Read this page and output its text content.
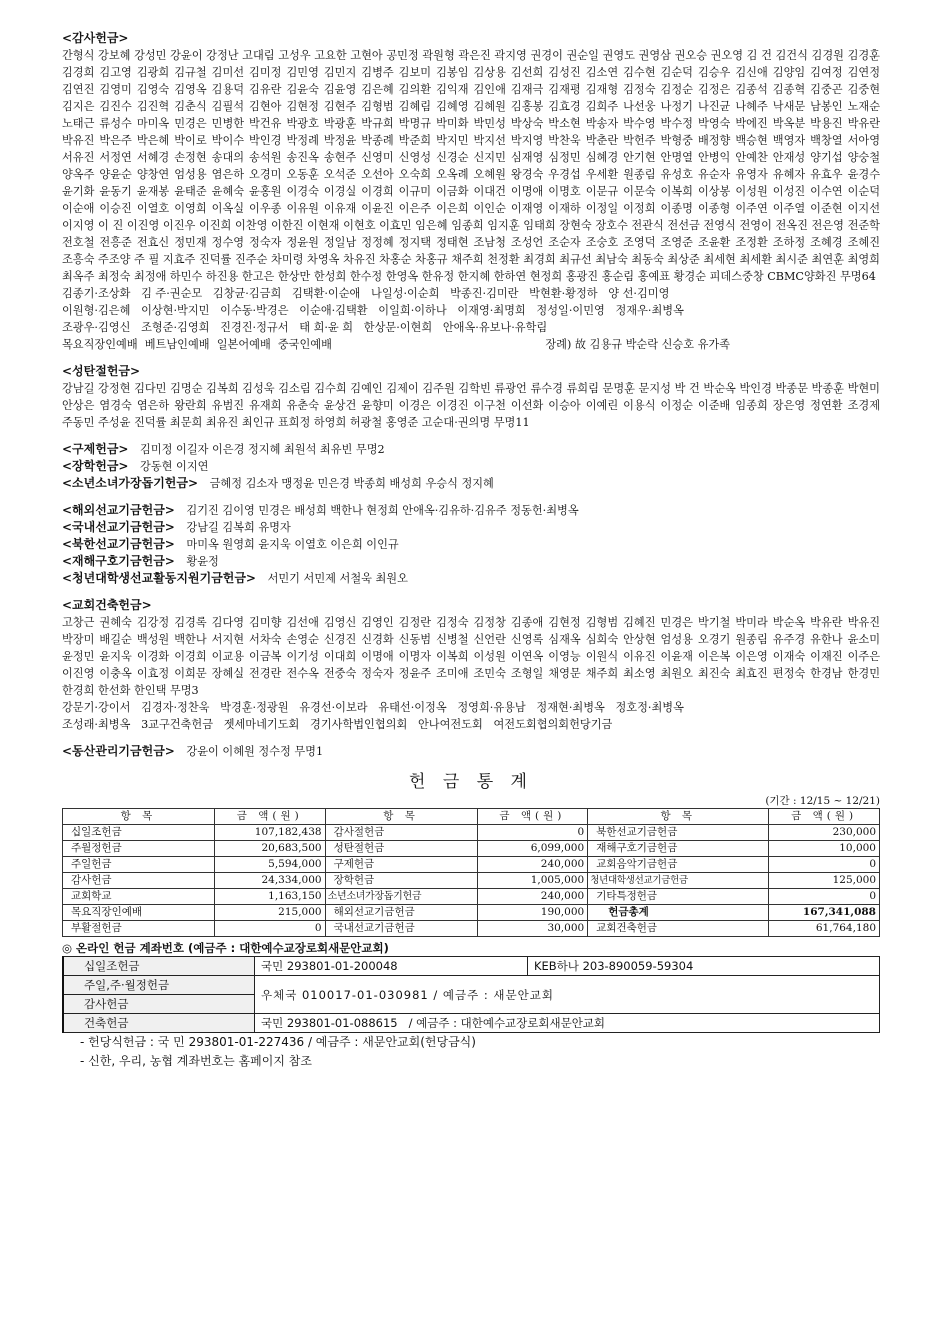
<감사헌금>
간형식 강보혜 강성민 강윤이 강정난 고대림 고성우 고요한 고현아 공민정 곽원형 곽은진 곽지영 권경이 권순일 권영도 권영삼 권오승 권오영 김 건 김건식 김경원 김경훈 김경희 김고영 김광희 김규철 김미선 김미정 김민영 김민지 김병주 김보미 김봉임 김상용 김선희 김성진 김소연 김수현 김순덕 김승우 김신애 김양임 김여정 김연정 김연진 김영미 김영숙 김영옥 김용덕 김유란 김윤숙 김윤영 김은혜 김의환 김익재 김인애 김재극 김재평 김재형 김정숙 김정순 김정은 김종석 김종혁 김중곤 김중현 김지은 김진수 김진혁 김춘식 김필석 김현아 김현정 김현주 김형범 김혜림 김혜영 김혜원 김홍봉 김효경 김희주 나선웅 나정기 나진균 나혜주 낙새문 남봉인 노재순 노태근 류성수 마미옥 민경은 민병한 박건유 박광호 박광훈 박규희 박명규 박미화 박민성 박상숙 박소현 박송자 박수영 박수정 박영숙 박에진 박옥분 박용진 박유란 박유진 박은주 박은혜 박이로 박이수 박인경 박정례 박정윤 박종례 박준희 박지민 박지선 박지영 박찬욱 박춘란 박헌주 박형중 배정향 백승현 백영자 백창열 서아영 서유진 서정연 서혜경 손정현 송대의 송석원 송진옥 송현주 신영미 신영성 신경순 신지민 심재영 심정민 심혜경 안기현 안명열 안병익 안예찬 안재성 양기섭 양숭철 양옥주 양윤순 양창연 엄성용 염은하 오경미 오동훈 오석준 오선아 오숙희 오옥례 오혜원 왕경숙 우경섭 우세환 원종림 유성호 유순자 유영자 유혜자 유효우 윤경수 윤기화 윤동기 윤재봉 윤태준 윤혜숙 윤홍원 이경숙 이경실 이경희 이규미 이금화 이대건 이명애 이명호 이문규 이문숙 이복희 이상봉 이성원 이성진 이수연 이순덕 이순애 이승진 이열호 이영희 이옥실 이우종 이유원 이유재 이윤진 이은주 이은희 이인순 이재영 이재하 이정일 이정희 이종명 이종형 이주연 이주열 이준현 이지선 이지영 이 진 이진영 이진우 이진희 이찬영 이한진 이현재 이현호 이효민 임은혜 임종희 임지훈 임태희 장현숙 장호수 전관식 전선금 전영식 전영이 전옥진 전은영 전준학 전호철 전흥준 전효신 정민재 정수영 정숙자 정윤원 정일남 정정혜 정지택 정태현 조남청 조성언 조순자 조숭호 조영덕 조영준 조윤환 조정환 조하정 조혜경 조혜진 조흥숙 주조양 주 필 지효주 진덕률 진주순 차미령 차영옥 차유진 차홍순 차홍규 채주희 천정환 최경희 최규선 최남숙 최동숙 최상준 최세현 최세환 최시준 최연훈 최영희 최옥주 최정숙 최정애 하민수 하진용 한고은 한상만 한성희 한수정 한영옥 한유정 한지혜 한하연 현정희 홍광진 홍순림 홍예표 황경순 피데스중창 CBMC양화진 무명64
김종기·조상화   김 주·권순모   김창균·김금희   김택환·이순애   나일성·이순희   박종진·김미란   박현환·황정하   양 선·김미영
이원형·김은혜   이상현·박지민   이수동·박경은   이순애·김택환   이일희·이하나   이재영·최명희   정성일·이민영   정재우·최병옥
조광우·김영신   조형준·김영희   진경진·정규서   태 희·윤 희   한상문·이현희   안애옥·유보나·유학림
목요직장인예배  베트남인예배  일본어예배  중국인예배	장례) 故 김용규 박순락 신승호 유가족
<성탄절헌금>
강남길 강정현 김다민 김명순 김복희 김성욱 김소림 김수희 김예인 김제이 김주원 김학빈 류광언 류수경 류희림 문명훈 문지성 박 건 박순옥 박인경 박종문 박종훈 박현미 안상은 염경숙 염은하 왕란희 유범진 유재희 유춘숙 윤상건 윤향미 이경은 이경진 이구천 이선화 이승아 이예린 이용식 이정순 이준배 임종희 장은영 정연환 조경제 주동민 주성윤 진덕률 최문희 최유진 최인규 표희정 하영희 허광철 홍영준 고순대·권의명 무명11
<구제헌금> 김미정 이길자 이은경 정지혜 최원석 최유빈 무명2
<장학헌금> 강동현 이지연
<소년소녀가장돕기헌금> 금혜정 김소자 맹정윤 민은경 박종희 배성희 우승식 정지혜
<해외선교기금헌금> 김기진 김이영 민경은 배성희 백한나 현정희 안애옥·김유하·김유주 정동헌·최병옥
<국내선교기금헌금> 강남길 김복희 유명자
<북한선교기금헌금> 마미옥 원영희 윤지욱 이열호 이은희 이인규
<재해구호기금헌금> 황윤정
<청년대학생선교활동지원기금헌금> 서민기 서민제 서철욱 최원오
<교회건축헌금>
고창근 권혜숙 김강정 김경록 김다영 김미향 김선애 김영신 김영인 김정란 김정숙 김정창 김종애 김현정 김형범 김혜진 민경은 박기철 박미라 박순옥 박유란 박유진 박장미 배길순 백성원 백한나 서지현 서차숙 손영순 신경진 신경화 신동범 신병철 신언란 신영록 심재옥 심희숙 안상현 엄성용 오경기 원종림 유주경 유한나 윤소미 윤정민 윤지욱 이경화 이경희 이교용 이금복 이기성 이대희 이명애 이명자 이복희 이성원 이연옥 이영능 이원식 이유진 이윤재 이은복 이은영 이재숙 이재진 이주은 이진영 이충옥 이효정 이희문 장혜실 전경란 전수옥 전중숙 정숙자 정윤주 조미애 조민숙 조형일 채영문 채주희 최소영 최원오 최진숙 최효진 편정숙 한경남 한경민 한경희 한선화 한인택 무명3
강문기·강이서   김경자·정찬욱   박경훈·정광원   유경선·이보라   유태선·이정옥   정영희·유용남   정재현·최병옥   정호정·최병옥
조성래·최병옥   3교구건축헌금   젯세마네기도회   경기사학법인협의회   안나여전도회   여전도회협의회헌당기금
<동산관리기금헌금> 강윤이 이혜원 정수정 무명1
헌 금 통 계
(기간 : 12/15 ~ 12/21)
항 목	금 액(원)	항 목	금 액(원)	항 목	금 액(원)
십일조헌금	107,182,438	감사절헌금	0	북한선교기금헌금	230,000
주월정헌금	20,683,500	성탄절헌금	6,099,000	재해구호기금헌금	10,000
주일헌금	5,594,000	구제헌금	240,000	교회음악기금헌금	0
감사헌금	24,334,000	장학헌금	1,005,000	청년대학생선교기금헌금	125,000
교회학교	1,163,150	소년소녀가장돕기헌금	240,000	기타특정헌금	0
목요직장인예배	215,000	해외선교기금헌금	190,000	헌금총계	167,341,088
부활절헌금	0	국내선교기금헌금	30,000	교회건축헌금	61,764,180
◎ 온라인 헌금 계좌번호 (예금주 : 대한예수교장로회새문안교회)
십일조헌금	국민 293801-01-200048	KEB하나 203-890059-59304
주일,주·월정헌금	우체국 010017-01-030981 / 예금주 : 새문안교회	
감사헌금		
건축헌금	국민 293801-01-088615   / 예금주 : 대한예수교장로회새문안교회	
- 헌당식헌금 : 국 민 293801-01-227436 / 예금주 : 새문안교회(헌당금식)
- 신한, 우리, 농협 계좌번호는 홈페이지 참조
